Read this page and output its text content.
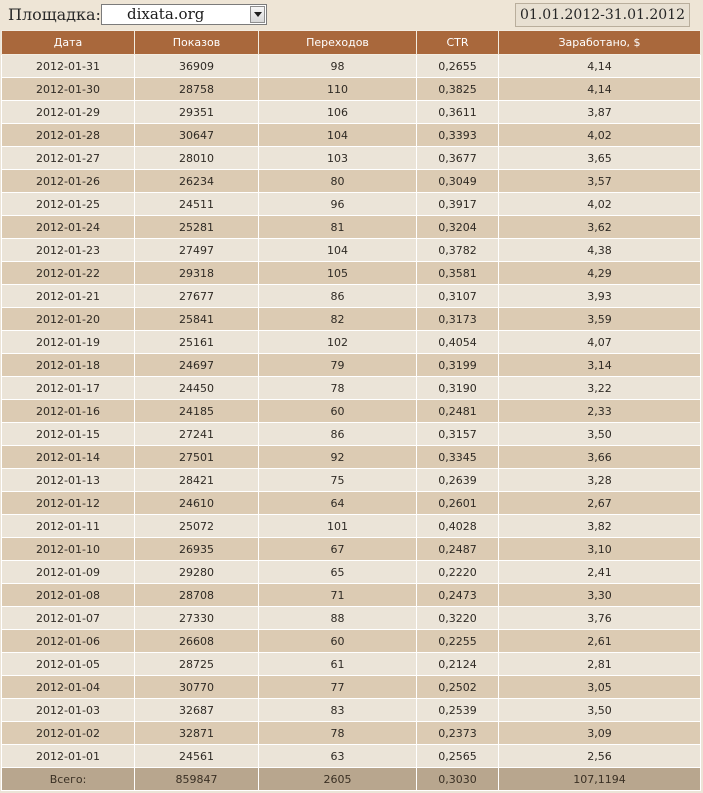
Площадка: dixata.org	01.01.2012-31.01.2012
Дата	Показов	Переходов	CTR	Заработано, $
2012-01-31	36909	98	0,2655	4,14
2012-01-30	28758	110	0,3825	4,14
2012-01-29	29351	106	0,3611	3,87
2012-01-28	30647	104	0,3393	4,02
2012-01-27	28010	103	0,3677	3,65
2012-01-26	26234	80	0,3049	3,57
2012-01-25	24511	96	0,3917	4,02
2012-01-24	25281	81	0,3204	3,62
2012-01-23	27497	104	0,3782	4,38
2012-01-22	29318	105	0,3581	4,29
2012-01-21	27677	86	0,3107	3,93
2012-01-20	25841	82	0,3173	3,59
2012-01-19	25161	102	0,4054	4,07
2012-01-18	24697	79	0,3199	3,14
2012-01-17	24450	78	0,3190	3,22
2012-01-16	24185	60	0,2481	2,33
2012-01-15	27241	86	0,3157	3,50
2012-01-14	27501	92	0,3345	3,66
2012-01-13	28421	75	0,2639	3,28
2012-01-12	24610	64	0,2601	2,67
2012-01-11	25072	101	0,4028	3,82
2012-01-10	26935	67	0,2487	3,10
2012-01-09	29280	65	0,2220	2,41
2012-01-08	28708	71	0,2473	3,30
2012-01-07	27330	88	0,3220	3,76
2012-01-06	26608	60	0,2255	2,61
2012-01-05	28725	61	0,2124	2,81
2012-01-04	30770	77	0,2502	3,05
2012-01-03	32687	83	0,2539	3,50
2012-01-02	32871	78	0,2373	3,09
2012-01-01	24561	63	0,2565	2,56
Всего:	859847	2605	0,3030	107,1194
